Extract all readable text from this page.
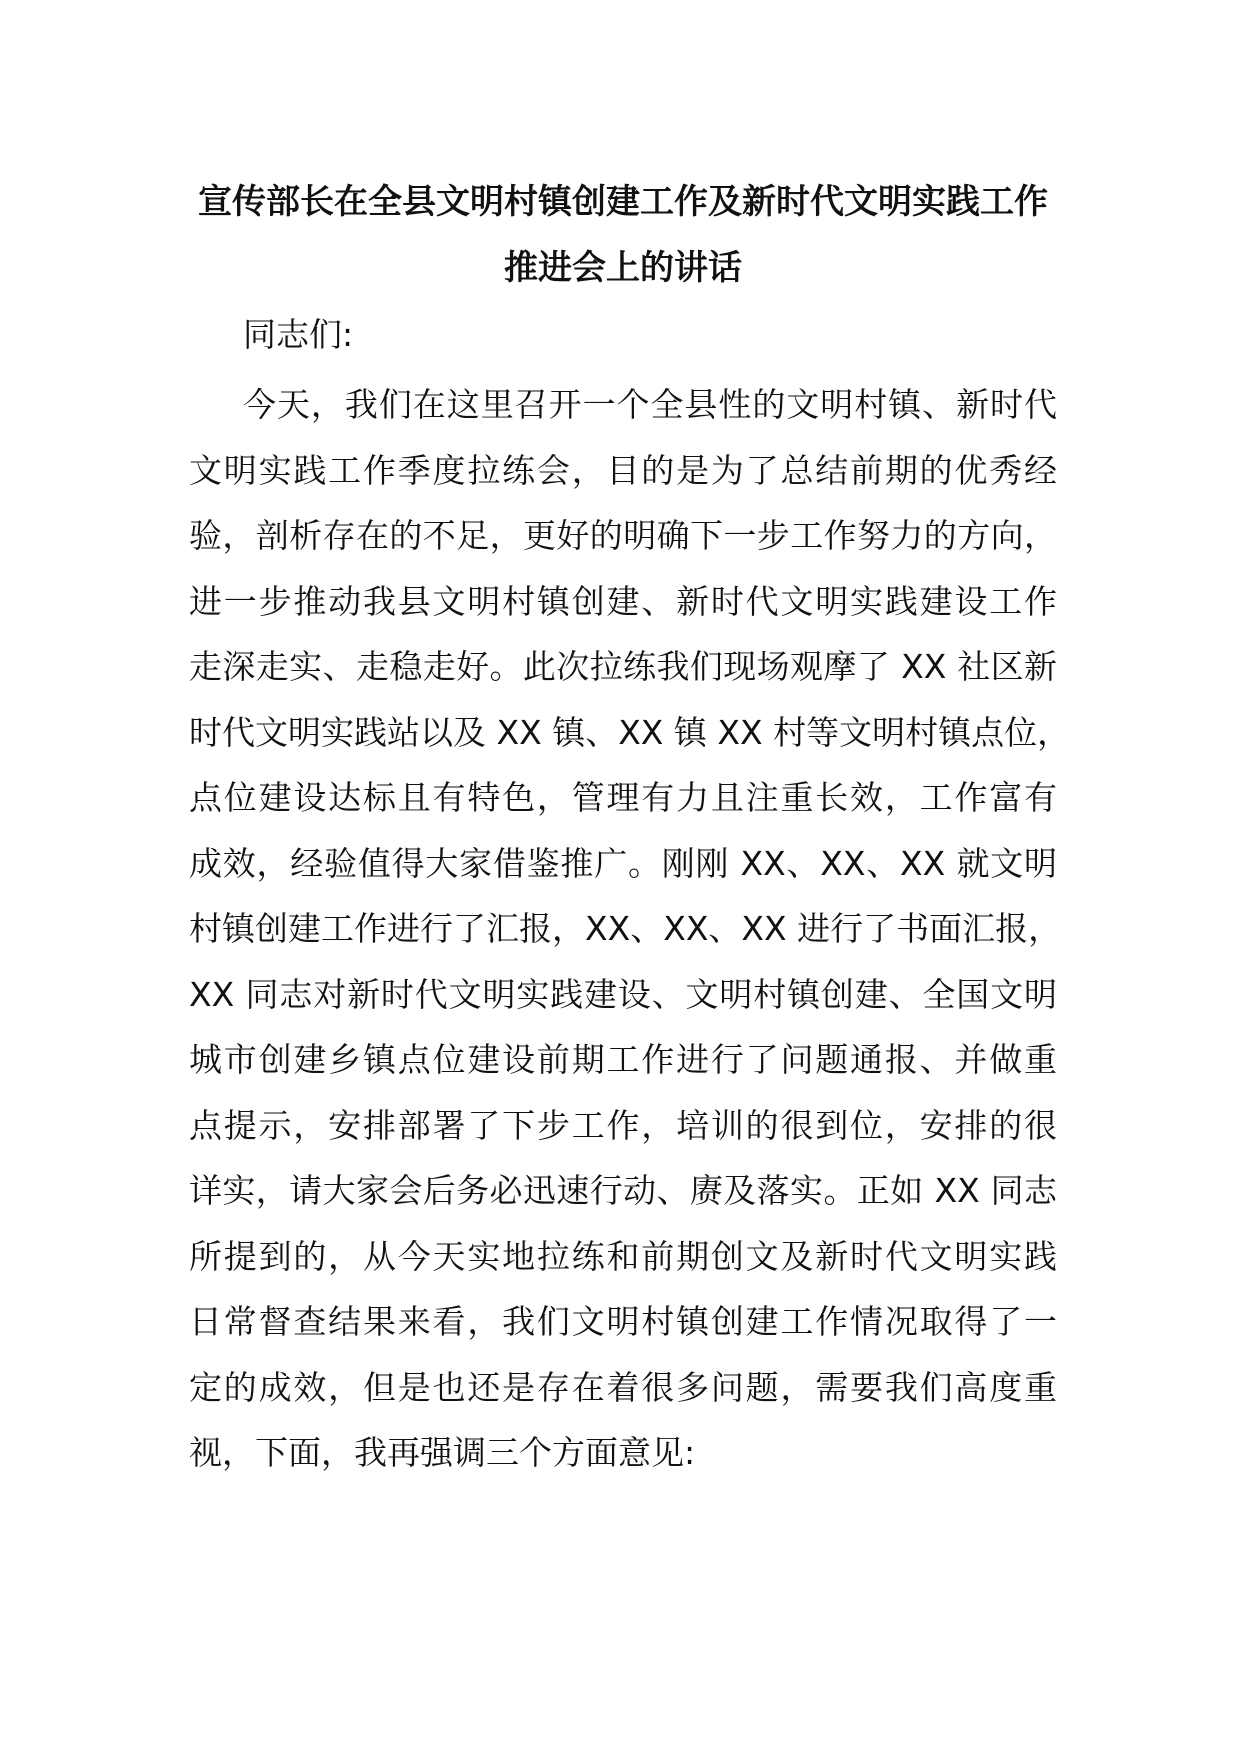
宣传部长在全县文明村镇创建工作及新时代文明实践工作
推进会上的讲话
同志们:
今天，我们在这里召开一个全县性的文明村镇、新时代
文明实践工作季度拉练会，目的是为了总结前期的优秀经
验，剖析存在的不足，更好的明确下一步工作努力的方向，
进一步推动我县文明村镇创建、新时代文明实践建设工作
走深走实、走稳走好。此次拉练我们现场观摩了 XX 社区新
时代文明实践站以及 XX 镇、XX 镇 XX 村等文明村镇点位，
点位建设达标且有特色，管理有力且注重长效，工作富有
成效，经验值得大家借鉴推广。刚刚 XX、XX、XX 就文明
村镇创建工作进行了汇报，XX、XX、XX 进行了书面汇报，
XX 同志对新时代文明实践建设、文明村镇创建、全国文明
城市创建乡镇点位建设前期工作进行了问题通报、并做重
点提示，安排部署了下步工作，培训的很到位，安排的很
详实，请大家会后务必迅速行动、赓及落实。正如 XX 同志
所提到的，从今天实地拉练和前期创文及新时代文明实践
日常督查结果来看，我们文明村镇创建工作情况取得了一
定的成效，但是也还是存在着很多问题，需要我们高度重
视，下面，我再强调三个方面意见:
